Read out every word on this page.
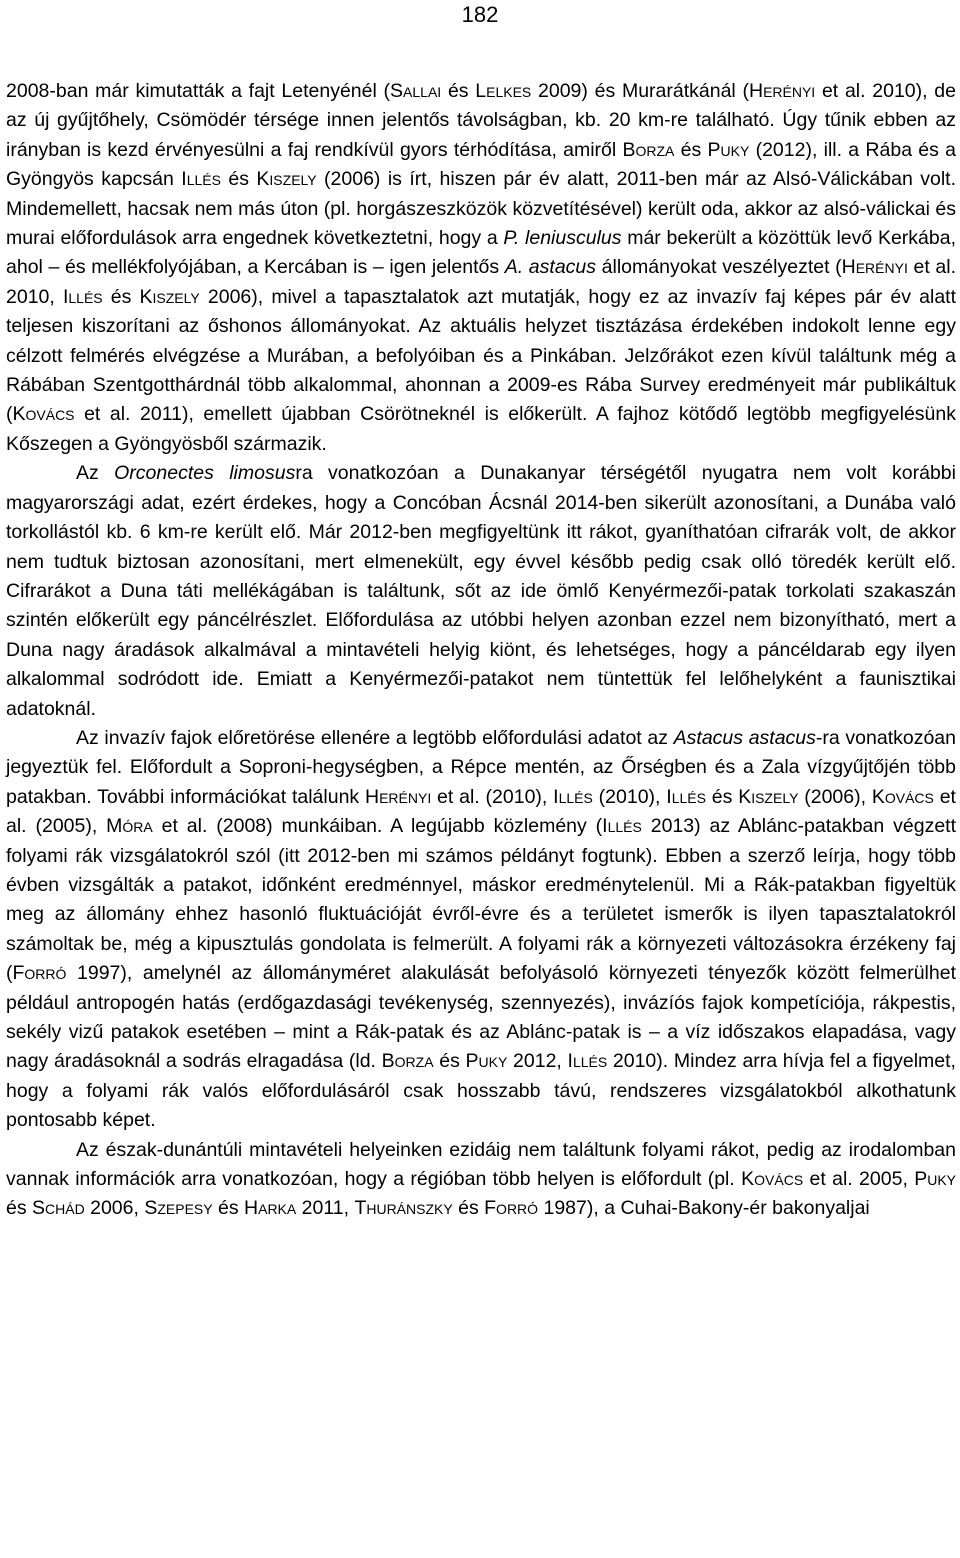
182

2008-ban már kimutatták a fajt Letenyénél (Sallai és Lelkes 2009) és Murarátkánál (Herényi et al. 2010), de az új gyűjtőhely, Csömödér térsége innen jelentős távolságban, kb. 20 km-re található. Úgy tűnik ebben az irányban is kezd érvényesülni a faj rendkívül gyors térhódítása, amiről Borza és Puky (2012), ill. a Rába és a Gyöngyös kapcsán Illés és Kiszely (2006) is írt, hiszen pár év alatt, 2011-ben már az Alsó-Válickában volt. Mindemellett, hacsak nem más úton (pl. horgászeszközök közvetítésével) került oda, akkor az alsó-válickai és murai előfordulások arra engednek következtetni, hogy a P. leniusculus már bekerült a közöttük levő Kerkába, ahol – és mellékfolyójában, a Kercában is – igen jelentős A. astacus állományokat veszélyeztet (Herényi et al. 2010, Illés és Kiszely 2006), mivel a tapasztalatok azt mutatják, hogy ez az invazív faj képes pár év alatt teljesen kiszorítani az őshonos állományokat. Az aktuális helyzet tisztázása érdekében indokolt lenne egy célzott felmérés elvégzése a Murában, a befolyóiban és a Pinkában. Jelzőrákot ezen kívül találtunk még a Rábában Szentgotthárdnál több alkalommal, ahonnan a 2009-es Rába Survey eredményeit már publikáltuk (Kovács et al. 2011), emellett újabban Csörötneknél is előkerült. A fajhoz kötődő legtöbb megfigyelésünk Kőszegen a Gyöngyösből származik.

Az Orconectes limosusra vonatkozóan a Dunakanyar térségétől nyugatra nem volt korábbi magyarországi adat, ezért érdekes, hogy a Concóban Ácsnál 2014-ben sikerült azonosítani, a Dunába való torkollástól kb. 6 km-re került elő. Már 2012-ben megfigyeltünk itt rákot, gyaníthatóan cifrarák volt, de akkor nem tudtuk biztosan azonosítani, mert elmenekült, egy évvel később pedig csak olló töredék került elő. Cifrarákot a Duna táti mellékágában is találtunk, sőt az ide ömlő Kenyérmezői-patak torkolati szakaszán szintén előkerült egy páncélrészlet. Előfordulása az utóbbi helyen azonban ezzel nem bizonyítható, mert a Duna nagy áradások alkalmával a mintavételi helyig kiönt, és lehetséges, hogy a páncéldarab egy ilyen alkalommal sodródott ide. Emiatt a Kenyérmezői-patakot nem tüntettük fel lelőhelyként a faunisztikai adatoknál.

Az invazív fajok előretörése ellenére a legtöbb előfordulási adatot az Astacus astacus-ra vonatkozóan jegyeztük fel. Előfordult a Soproni-hegységben, a Répce mentén, az Őrségben és a Zala vízgyűjtőjén több patakban. További információkat találunk Herényi et al. (2010), Illés (2010), Illés és Kiszely (2006), Kovács et al. (2005), Móra et al. (2008) munkáiban. A legújabb közlemény (Illés 2013) az Ablánc-patakban végzett folyami rák vizsgálatokról szól (itt 2012-ben mi számos példányt fogtunk). Ebben a szerző leírja, hogy több évben vizsgálták a patakot, időnként eredménnyel, máskor eredménytelenül. Mi a Rák-patakban figyeltük meg az állomány ehhez hasonló fluktuációját évről-évre és a területet ismerők is ilyen tapasztalatokról számoltak be, még a kipusztulás gondolata is felmerült. A folyami rák a környezeti változásokra érzékeny faj (Forró 1997), amelynél az állományméret alakulását befolyásoló környezeti tényezők között felmerülhet például antropogén hatás (erdőgazdasági tevékenység, szennyezés), invázíós fajok kompetíciója, rákpestis, sekély vizű patakok esetében – mint a Rák-patak és az Ablánc-patak is – a víz időszakos elapadása, vagy nagy áradásoknál a sodrás elragadása (ld. Borza és Puky 2012, Illés 2010). Mindez arra hívja fel a figyelmet, hogy a folyami rák valós előfordulásáról csak hosszabb távú, rendszeres vizsgálatokból alkothatunk pontosabb képet.

Az észak-dunántúli mintavételi helyeinken ezidáig nem találtunk folyami rákot, pedig az irodalomban vannak információk arra vonatkozóan, hogy a régióban több helyen is előfordult (pl. Kovács et al. 2005, Puky és Schád 2006, Szepesy és Harka 2011, Thuránszky és Forró 1987), a Cuhai-Bakony-ér bakonyaljai
